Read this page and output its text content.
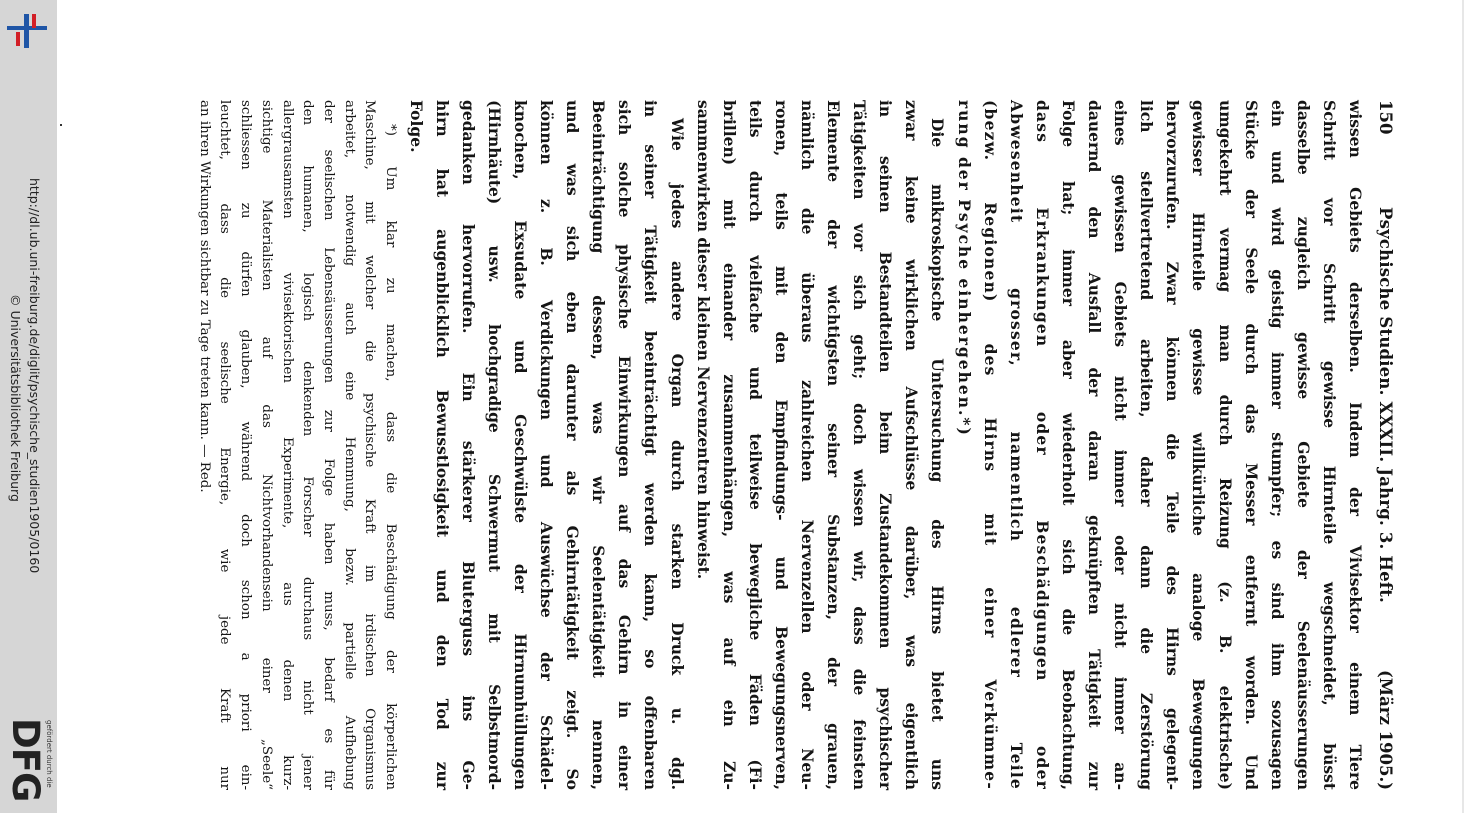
http://dl.ub.uni-freiburg.de/diglit/psychische_studien1905/0160
© Universitätsbibliothek Freiburg
gefördert durch die
DFG
150
Psychische Studien. XXXII. Jahrg. 3. Heft.
(März 1905.)
wissen Gebiets derselben. Indem der Vivisektor einem Tiere
Schritt vor Schritt gewisse Hirnteile wegschneidet, büsst
dasselbe zugleich gewisse Gebiete der Seelenäusserungen
ein und wird geistig immer stumpfer; es sind ihm sozusagen
Stücke der Seele durch das Messer entfernt worden. Und
umgekehrt vermag man durch Reizung (z. B. elektrische)
gewisser Hirnteile gewisse willkürliche analoge Bewegungen
hervorzurufen. Zwar können die Teile des Hirns gelegent-
lich stellvertretend arbeiten, daher dann die Zerstörung
eines gewissen Gebiets nicht immer oder nicht immer an-
dauernd den Ausfall der daran geknüpften Tätigkeit zur
Folge hat; immer aber wiederholt sich die Beobachtung,
dass Erkrankungen oder Beschädigungen oder
Abwesenheit grosser, namentlich edlerer Teile
(bezw. Regionen) des Hirns mit einer Verkümme-
rung der Psyche einhergehen.*)
Die mikroskopische Untersuchung des Hirns bietet uns
zwar keine wirklichen Aufschlüsse darüber, was eigentlich
in seinen Bestandteilen beim Zustandekommen psychischer
Tätigkeiten vor sich geht; doch wissen wir, dass die feinsten
Elemente der wichtigsten seiner Substanzen, der grauen,
nämlich die überaus zahlreichen Nervenzellen oder Neu-
ronen, teils mit den Empfindungs- und Bewegungsnerven,
teils durch vielfache und teilweise bewegliche Fäden (Fi-
brillen) mit einander zusammenhängen, was auf ein Zu-
sammenwirken dieser kleinen Nervenzentren hinweist.
Wie jedes andere Organ durch starken Druck u. dgl.
in seiner Tätigkeit beeinträchtigt werden kann, so offenbaren
sich solche physische Einwirkungen auf das Gehirn in einer
Beeinträchtigung dessen, was wir Seelentätigkeit nennen,
und was sich eben darunter als Gehirntätigkeit zeigt. So
können z. B. Verdickungen und Auswüchse der Schädel-
knochen, Exsudate und Geschwülste der Hirnumhüllungen
(Hirnhäute) usw. hochgradige Schwermut mit Selbstmord-
gedanken hervorrufen. Ein stärkerer Bluterguss ins Ge-
hirn hat augenblicklich Bewusstlosigkeit und den Tod zur
Folge.
*) Um klar zu machen, dass die Beschädigung der körperlichen
Maschine, mit welcher die psychische Kraft im irdischen Organismus
arbeitet, notwendig auch eine Hemmung, bezw. partielle Aufhebung
der seelischen Lebensäusserungen zur Folge haben muss, bedarf es für
den humanen, logisch denkenden Forscher durchaus nicht jener
allergrausamsten vivisektorischen Experimente, aus denen kurz-
sichtige Materialisten auf das Nichtvorhandensein einer „Seele“
schliessen zu dürfen glauben, während doch schon a priori ein-
leuchtet, dass die seelische Energie, wie jede Kraft nur
an ihren Wirkungen sichtbar zu Tage treten kann. — Red.
